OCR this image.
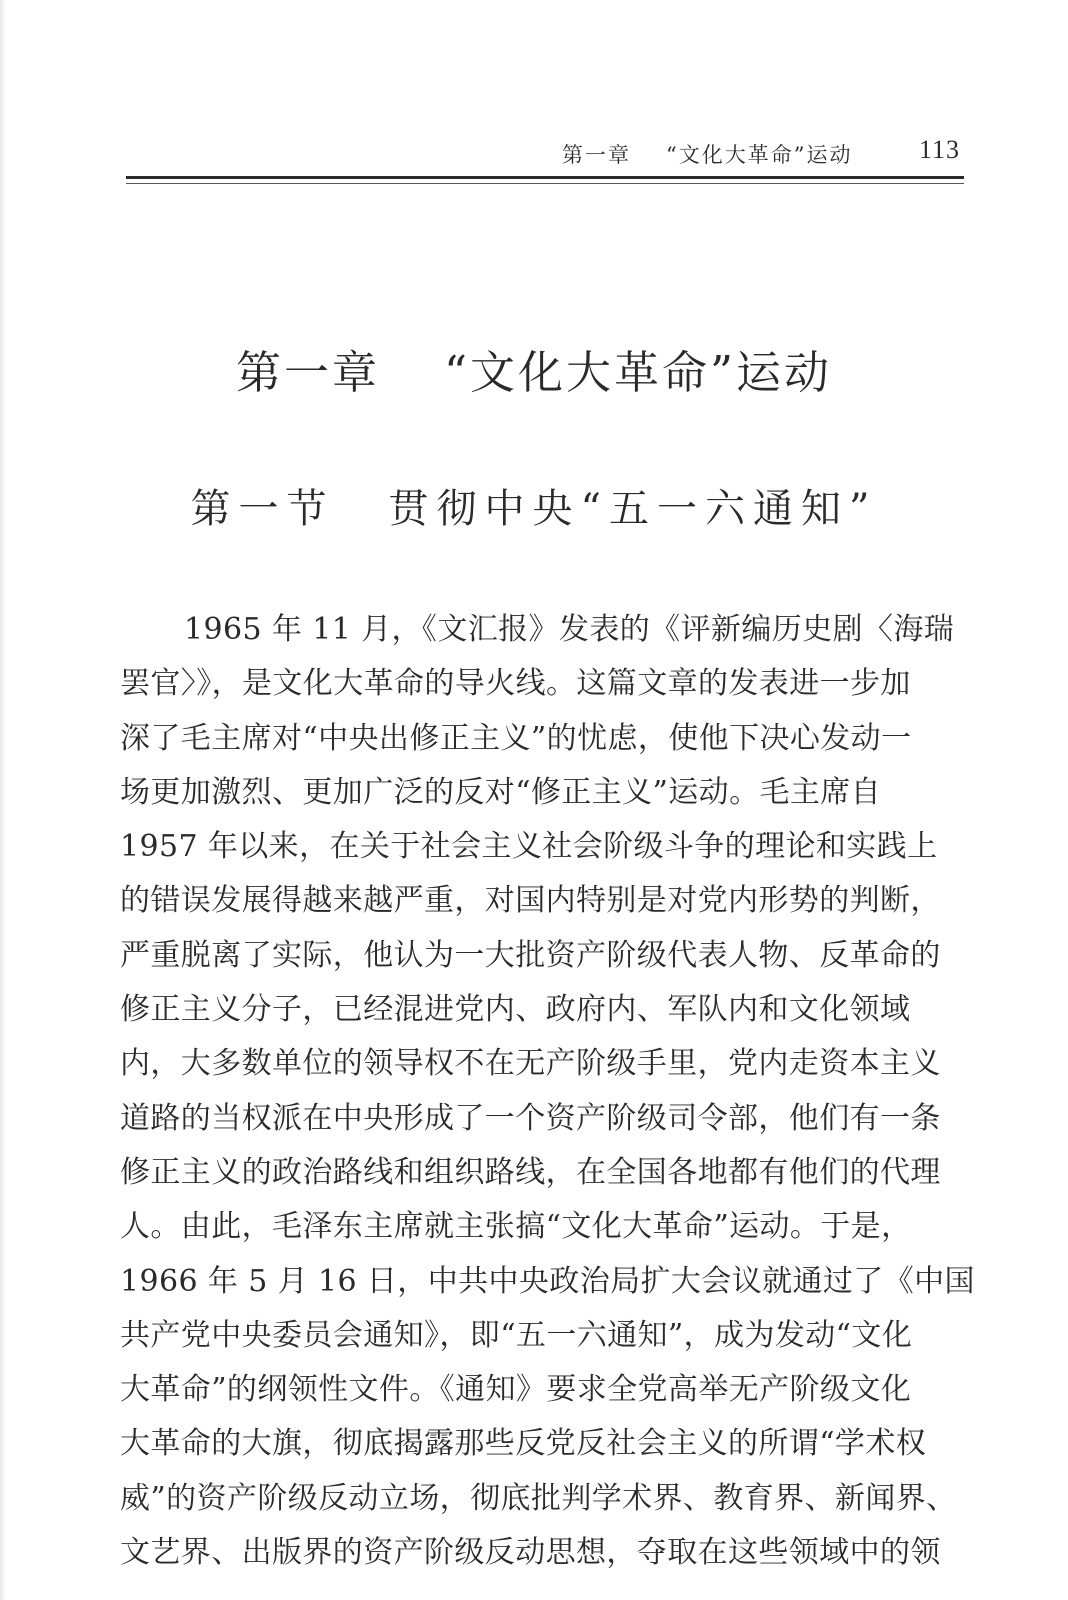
第一章 “文化大革命”运动	113
第一章 “文化大革命”运动
第一节 贯彻中央“五一六通知”
1965 年 11 月，《文汇报》发表的《评新编历史剧〈海瑞
罢官〉》，是文化大革命的导火线。这篇文章的发表进一步加
深了毛主席对“中央出修正主义”的忧虑，使他下决心发动一
场更加激烈、更加广泛的反对“修正主义”运动。毛主席自
1957 年以来，在关于社会主义社会阶级斗争的理论和实践上
的错误发展得越来越严重，对国内特别是对党内形势的判断，
严重脱离了实际，他认为一大批资产阶级代表人物、反革命的
修正主义分子，已经混进党内、政府内、军队内和文化领域
内，大多数单位的领导权不在无产阶级手里，党内走资本主义
道路的当权派在中央形成了一个资产阶级司令部，他们有一条
修正主义的政治路线和组织路线，在全国各地都有他们的代理
人。由此，毛泽东主席就主张搞“文化大革命”运动。于是，
1966 年 5 月 16 日，中共中央政治局扩大会议就通过了《中国
共产党中央委员会通知》，即“五一六通知”，成为发动“文化
大革命”的纲领性文件。《通知》要求全党高举无产阶级文化
大革命的大旗，彻底揭露那些反党反社会主义的所谓“学术权
威”的资产阶级反动立场，彻底批判学术界、教育界、新闻界、
文艺界、出版界的资产阶级反动思想，夺取在这些领域中的领
